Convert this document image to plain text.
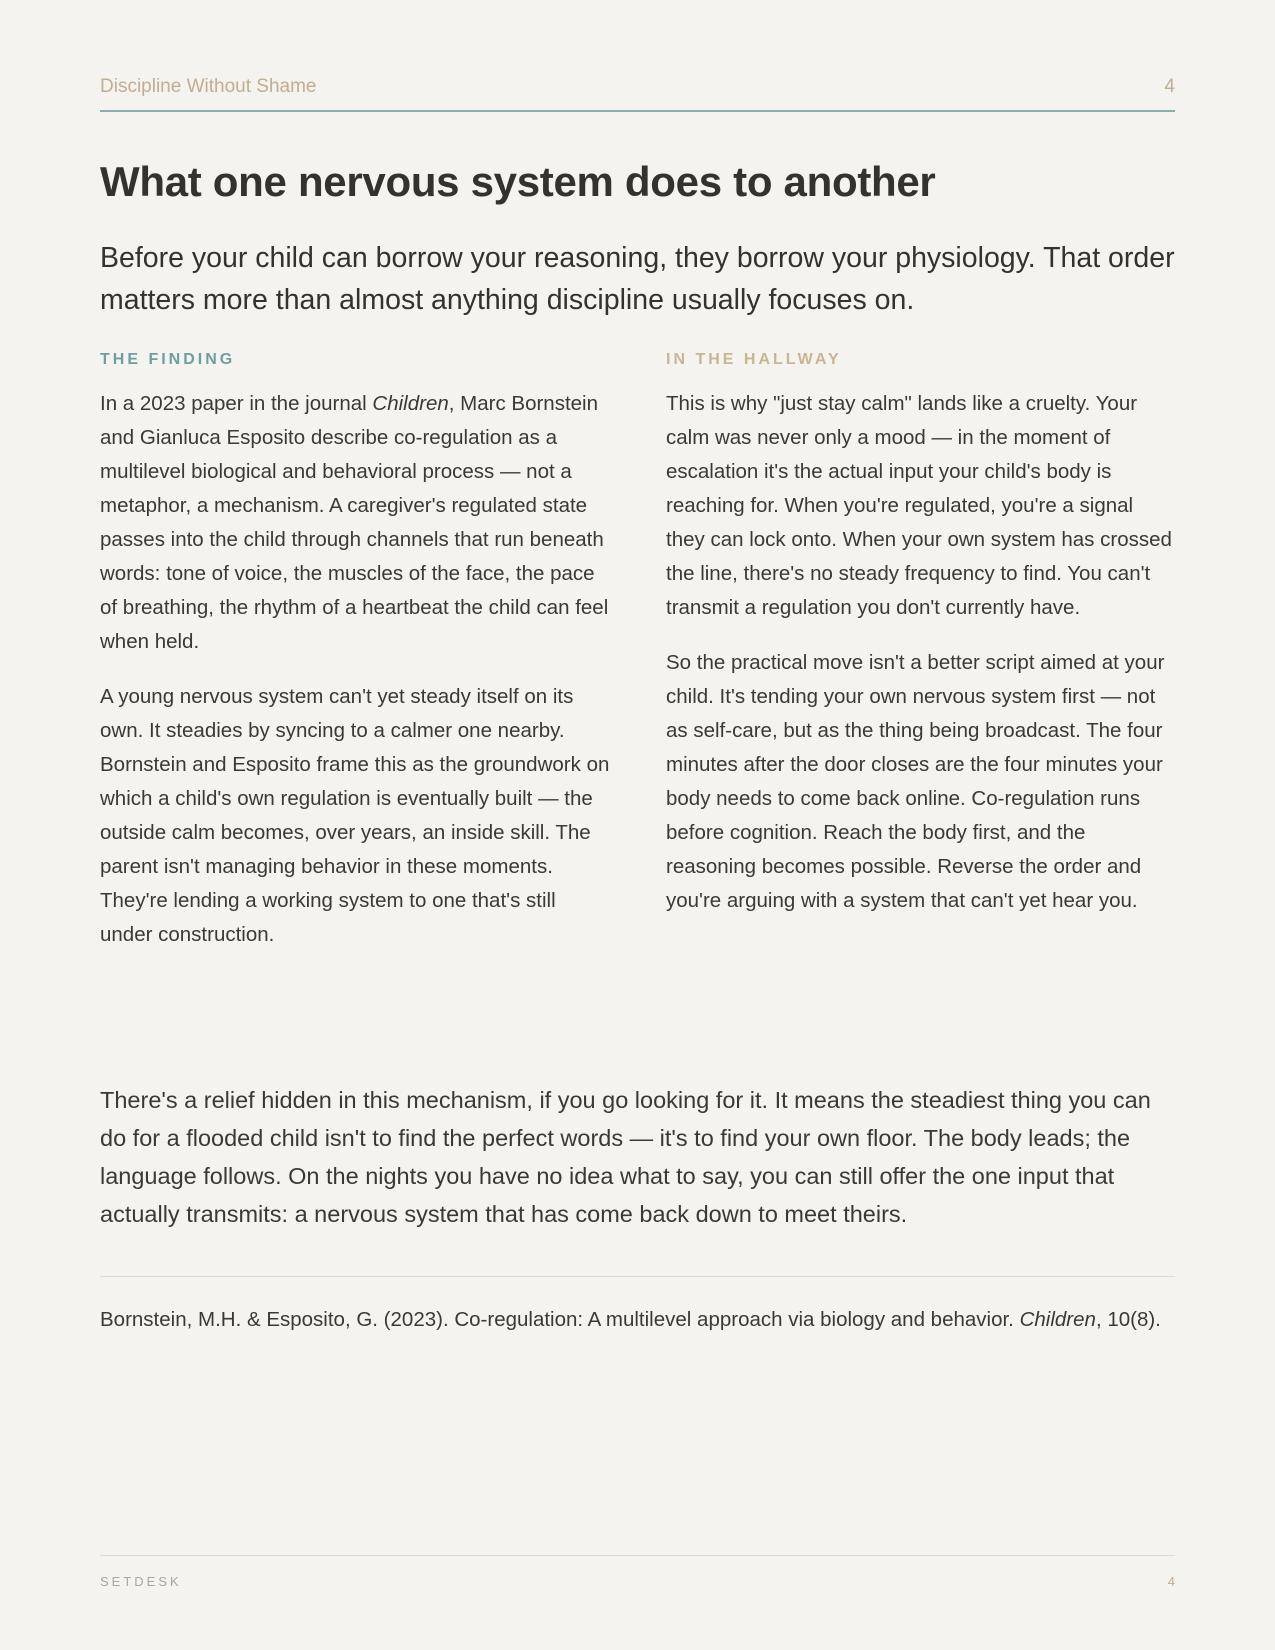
Discipline Without Shame	4
What one nervous system does to another

Before your child can borrow your reasoning, they borrow your physiology. That order matters more than almost anything discipline usually focuses on.

THE FINDING

In a 2023 paper in the journal Children, Marc Bornstein and Gianluca Esposito describe co-regulation as a multilevel biological and behavioral process — not a metaphor, a mechanism. A caregiver's regulated state passes into the child through channels that run beneath words: tone of voice, the muscles of the face, the pace of breathing, the rhythm of a heartbeat the child can feel when held.

A young nervous system can't yet steady itself on its own. It steadies by syncing to a calmer one nearby. Bornstein and Esposito frame this as the groundwork on which a child's own regulation is eventually built — the outside calm becomes, over years, an inside skill. The parent isn't managing behavior in these moments. They're lending a working system to one that's still under construction.

IN THE HALLWAY

This is why "just stay calm" lands like a cruelty. Your calm was never only a mood — in the moment of escalation it's the actual input your child's body is reaching for. When you're regulated, you're a signal they can lock onto. When your own system has crossed the line, there's no steady frequency to find. You can't transmit a regulation you don't currently have.

So the practical move isn't a better script aimed at your child. It's tending your own nervous system first — not as self-care, but as the thing being broadcast. The four minutes after the door closes are the four minutes your body needs to come back online. Co-regulation runs before cognition. Reach the body first, and the reasoning becomes possible. Reverse the order and you're arguing with a system that can't yet hear you.

There's a relief hidden in this mechanism, if you go looking for it. It means the steadiest thing you can do for a flooded child isn't to find the perfect words — it's to find your own floor. The body leads; the language follows. On the nights you have no idea what to say, you can still offer the one input that actually transmits: a nervous system that has come back down to meet theirs.

Bornstein, M.H. & Esposito, G. (2023). Co-regulation: A multilevel approach via biology and behavior. Children, 10(8).

SETDESK	4
